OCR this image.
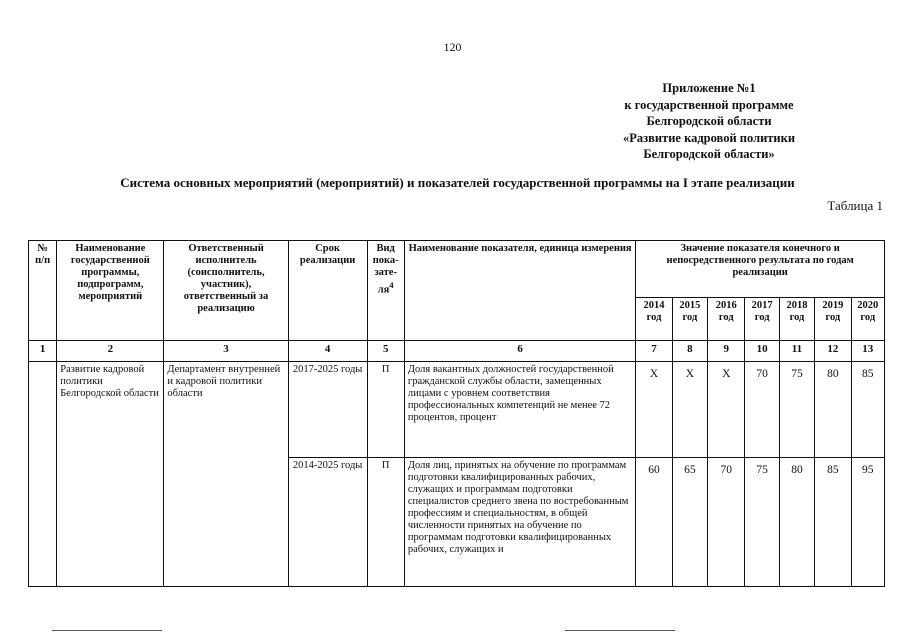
120
Приложение №1
к государственной программе
Белгородской области
«Развитие кадровой политики
Белгородской области»
Система основных мероприятий (мероприятий) и показателей государственной программы на I этапе реализации
Таблица 1
№ п/п	Наименование государственной программы, подпрограмм, мероприятий	Ответственный исполнитель (соисполнитель, участник), ответственный за реализацию	Срок реализации	Вид пока-$зате-ля^4$	Наименование показателя, единица измерения	Значение показателя конечного и непосредственного результата по годам реализации						
						2014 год	2015 год	2016 год	2017 год	2018 год	2019 год	2020 год
1	2	3	4	5	6	7	8	9	10	11	12	13
	Развитие кадровой политики Белгородской области	Департамент внутренней и кадровой политики области	2017-2025 годы	П	Доля вакантных должностей государственной гражданской службы области, замещенных лицами с уровнем соответствия профессиональных компетенций не менее 72 процентов, процент	Х	Х	Х	70	75	80	85
			2014-2025 годы	П	Доля лиц, принятых на обучение по программам подготовки квалифицированных рабочих, служащих и программам подготовки специалистов среднего звена по востребованным профессиям и специальностям, в общей численности принятых на обучение по программам подготовки квалифицированных рабочих, служащих и	60	65	70	75	80	85	95
